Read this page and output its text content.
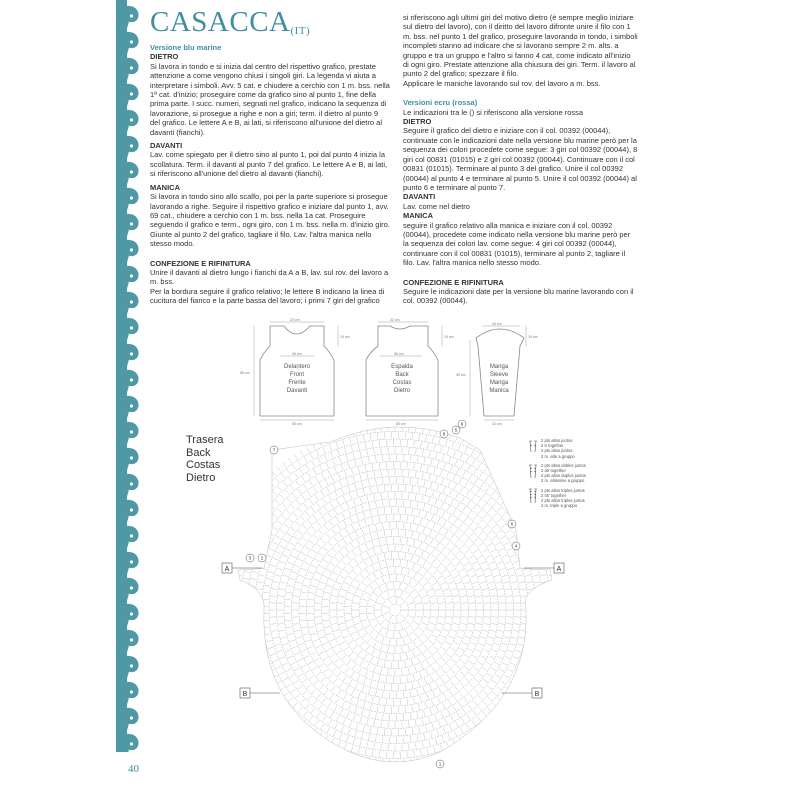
CASACCA(IT)

Versione blu marine

DIETRO

Si lavora in tondo e si inizia dal centro del rispettivo grafico, prestate attenzione a come vengono chiusi i singoli giri. La legenda vi aiuta a interpretare i simboli. Avv. 5 cat. e chiudere a cerchio con 1 m. bss. nella 1ª cat. d'inizio; proseguire come da grafico sino al punto 1, fine della prima parte. I succ. numeri, segnati nel grafico, indicano la sequenza di lavorazione, si prosegue a righe e non a giri; term. il dietro al punto 9 del grafico. Le lettere A e B, ai lati, si riferiscono all'unione del dietro al davanti (fianchi).

DAVANTI

Lav. come spiegato per il dietro sino al punto 1, poi dal punto 4 inizia la scollatura. Term. il davanti al punto 7 del grafico. Le lettere A e B, ai lati, si riferiscono all'unione del dietro al davanti (fianchi).

MANICA

Si lavora in tondo sino allo scalfo, poi per la parte superiore si prosegue lavorando a righe. Seguire il rispettivo grafico e iniziare dal punto 1, avv. 69 cat., chiudere a cerchio con 1 m. bss. nella 1a cat. Proseguire seguendo il grafico e term., ogni giro, con 1 m. bss. nella m. d'inizio giro. Giunte al punto 2 del grafico, tagliare il filo. Lav. l'altra manica nello stesso modo.

CONFEZIONE E RIFINITURA

Unire il davanti al dietro lungo i fianchi da A a B, lav. sul rov. del lavoro a m. bss.

Per la bordura seguire il grafico relativo; le lettere B indicano la linea di cucitura del fianco e la parte bassa del lavoro; i primi 7 giri del grafico

si riferiscono agli ultimi giri del motivo dietro (è sempre meglio iniziare sul dietro del lavoro), con il diritto del lavoro difronte unire il filo con 1 m. bss. nel punto 1 del grafico, proseguire lavorando in tondo, i simboli incompleti stanno ad indicare che si lavorano sempre 2 m. alts. a gruppo e tra un gruppo e l'altro si fanno 4 cat, come indicato all'inizio di ogni giro. Prestate attenzione alla chiusura dei giri. Term. il lavoro al punto 2 del grafico; spezzare il filo.

Applicare le maniche lavorando sul rov. del lavoro a m. bss.

Versioni ecru (rossa)

Le indicazioni tra le () si riferiscono alla versione rossa

DIETRO

Seguire il grafico del dietro e iniziare con il col. 00392 (00044), continuate con le indicazioni date nella versione blu marine però per la sequenza dei colori procedete come segue: 3 giri col 00392 (00044), 8 giri col 00831 (01015) e 2 giri col 00392 (00044). Continuare con il col 00831 (01015). Terminare al punto 3 del grafico. Unire il col 00392 (00044) al punto 4 e terminare al punto 5. Unire il col 00392 (00044) al punto 6 e terminare al punto 7.

DAVANTI

Lav. come nel dietro

MANICA

seguire il grafico relativo alla manica e iniziare con il col. 00392 (00044), procedete come indicato nella versione blu marine però per la sequenza dei colori lav. come segue: 4 giri col 00392 (00044), continuare con il col 00831 (01015), terminare al punto 2, tagliare il filo. Lav. l'altra manica nello stesso modo.

CONFEZIONE E RIFINITURA

Seguire le indicazioni date per la versione blu marine lavorando con il col. 00392 (00044).

22 cm	22 cm
44 cm
36 cm	36 cm
50 cm	50 cm	22 cm
19 cm	19 cm	19 cm
55 cm	39 cm
Delantero
Front
Frente
Davanti
Espalda
Back
Costas
Dietro
Manga
Sleeve
Manga
Manica
Trasera
Back
Costas
Dietro
A	A
B	B
1
2
3
4
5
6
7
8
9
2 pts altos juntos
2 tr together
2 pts altos juntos
2 m. alte a gruppo
2 pts altos dobles juntos
2 dtr together
2 pts altos duplos juntos
2 m. altissime a gruppo
2 pts altos triples juntos
2 trtr together
2 pts altos triplos juntos
2 m. triple a gruppo
40
